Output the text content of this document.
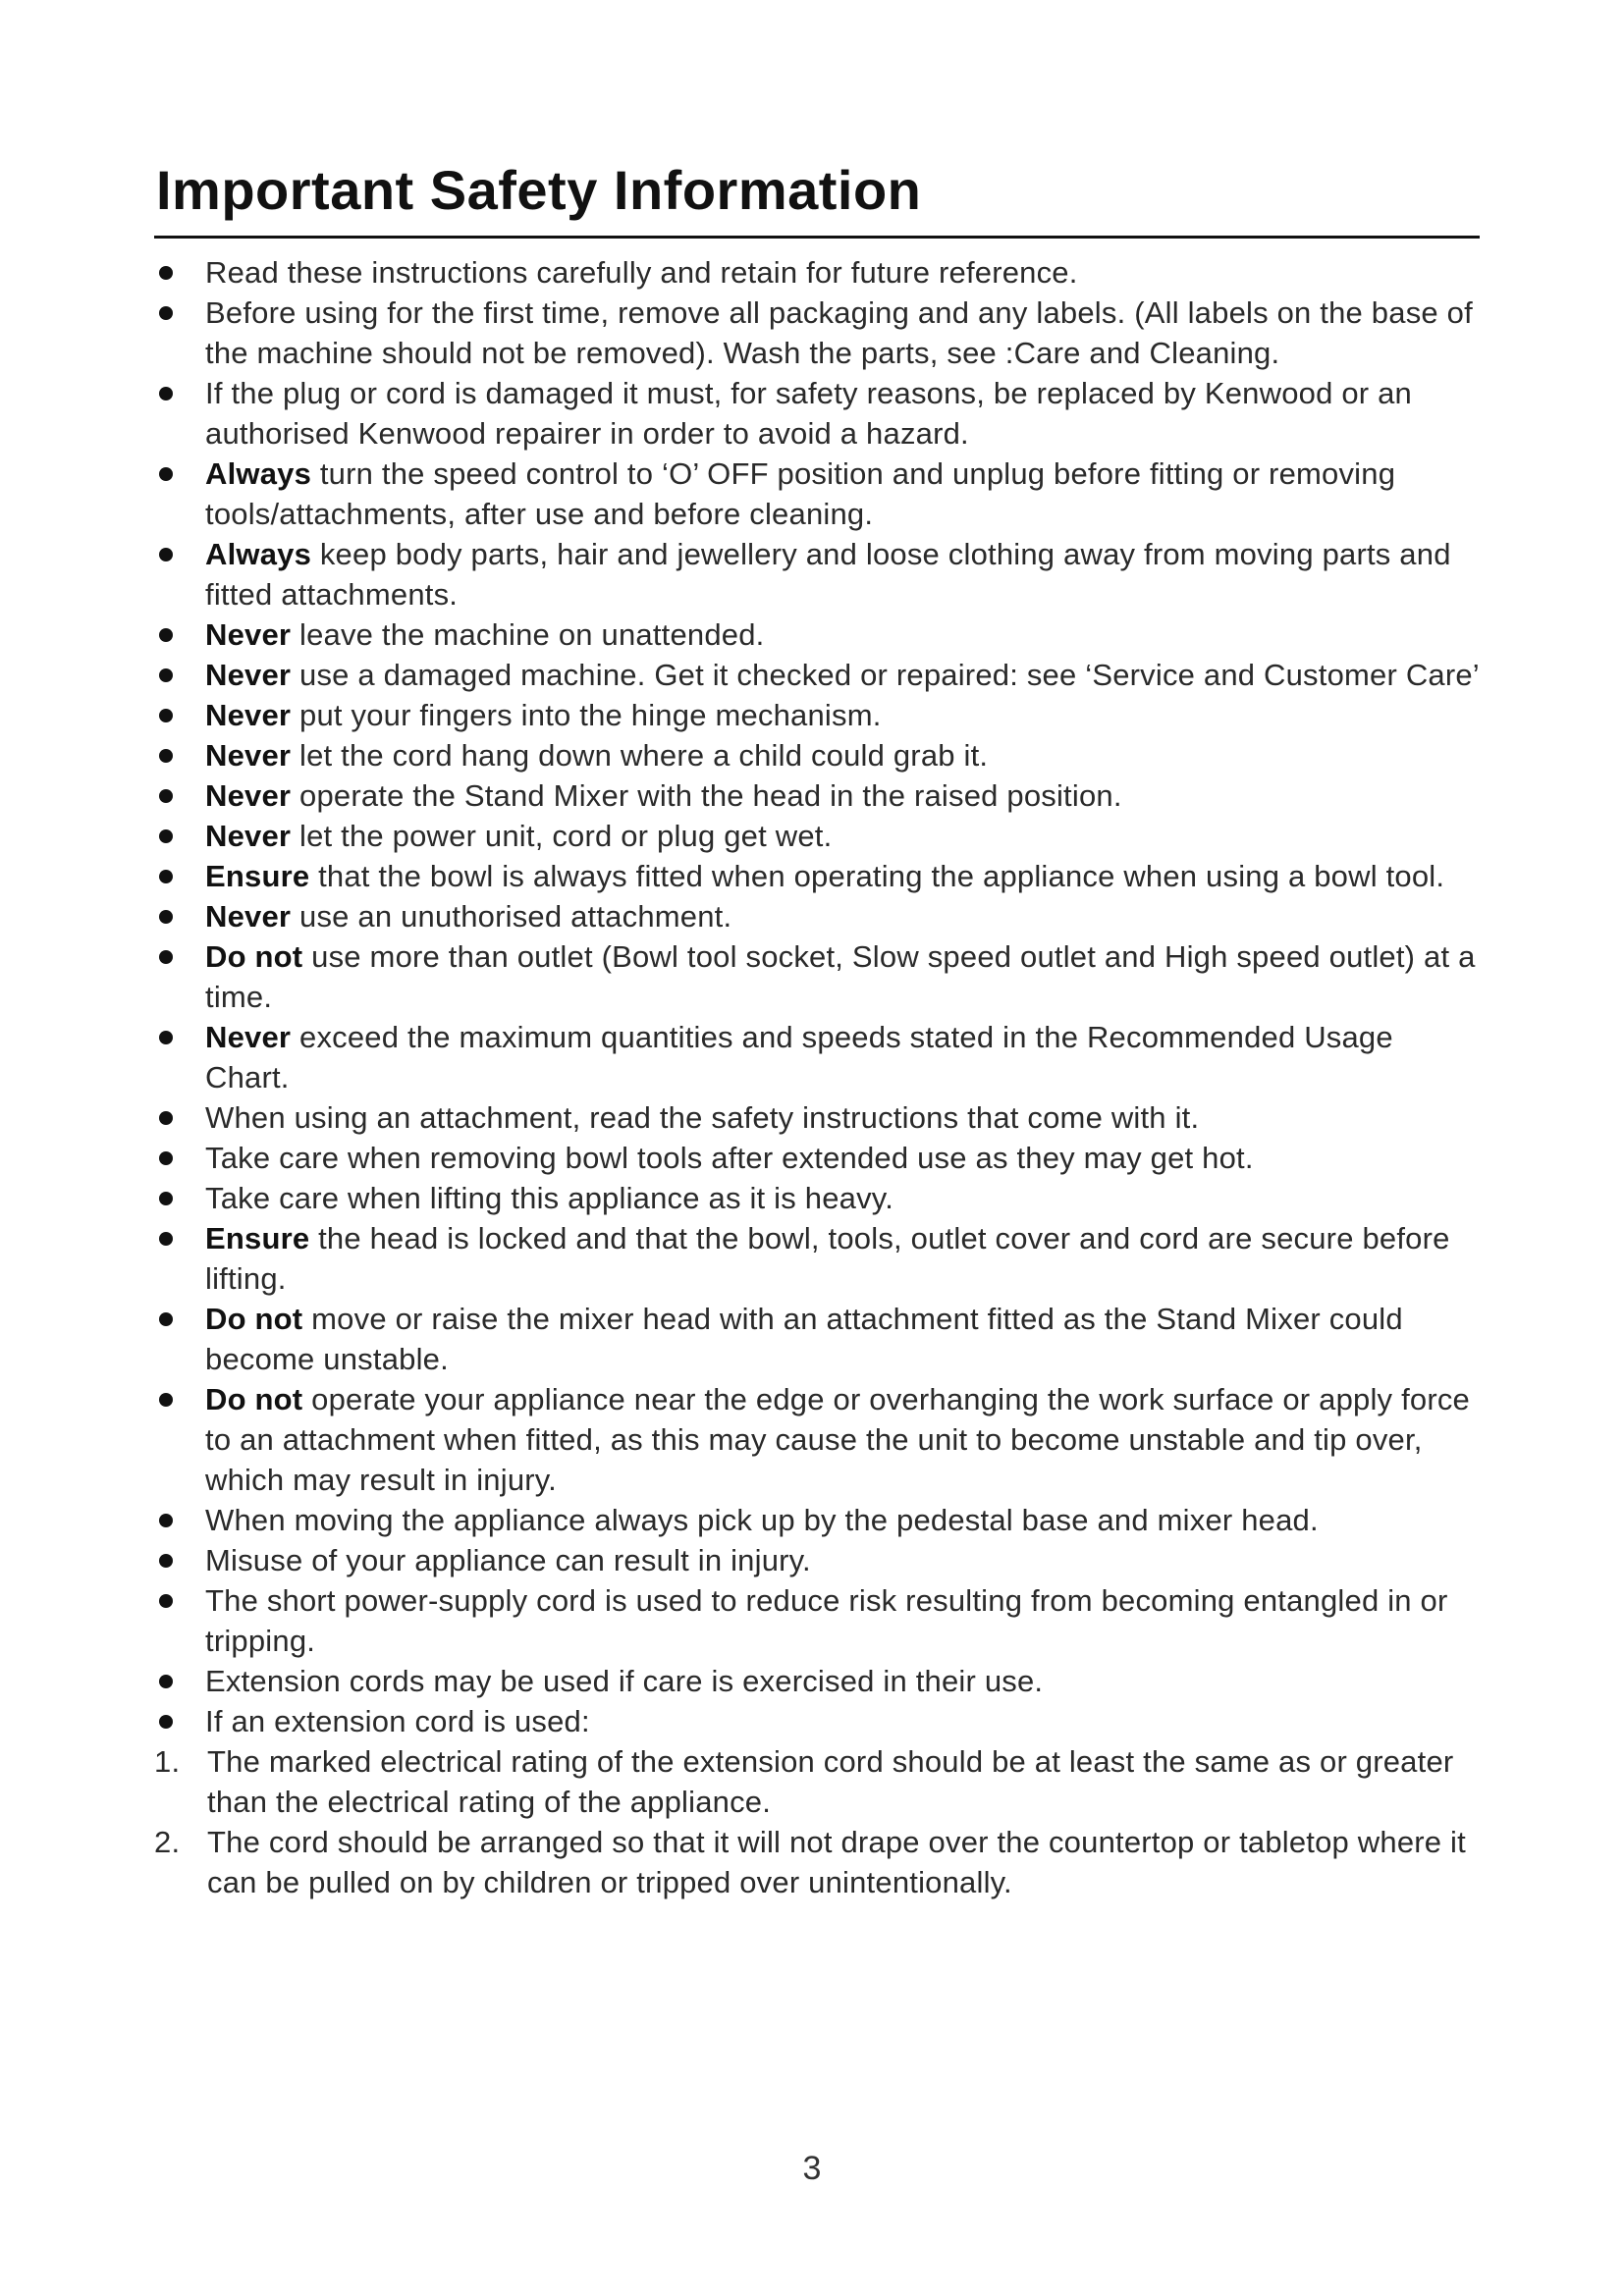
Important Safety Information
Read these instructions carefully and retain for future reference.
Before using for the first time, remove all packaging and any labels. (All labels on the base of the machine should not be removed). Wash the parts, see :Care and Cleaning.
If the plug or cord is damaged it must, for safety reasons, be replaced by Kenwood or an authorised Kenwood repairer in order to avoid a hazard.
Always turn the speed control to ‘O’ OFF position and unplug before fitting or removing tools/attachments, after use and before cleaning.
Always keep body parts, hair and jewellery and loose clothing away from moving parts and fitted attachments.
Never leave the machine on unattended.
Never use a damaged machine. Get it checked or repaired: see ‘Service and Customer Care’
Never put your fingers into the hinge mechanism.
Never let the cord hang down where a child could grab it.
Never operate the Stand Mixer with the head in the raised position.
Never let the power unit, cord or plug get wet.
Ensure that the bowl is always fitted when operating the appliance when using a bowl tool.
Never use an unuthorised attachment.
Do not use more than outlet (Bowl tool socket, Slow speed outlet and High speed outlet) at a time.
Never exceed the maximum quantities and speeds stated in the Recommended Usage Chart.
When using an attachment, read the safety instructions that come with it.
Take care when removing bowl tools after extended use as they may get hot.
Take care when lifting this appliance as it is heavy.
Ensure the head is locked and that the bowl, tools, outlet cover and cord are secure before lifting.
Do not move or raise the mixer head with an attachment fitted as the Stand Mixer could become unstable.
Do not operate your appliance near the edge or overhanging the work surface or apply force to an attachment when fitted, as this may cause the unit to become unstable and tip over, which may result in injury.
When moving the appliance always pick up by the pedestal base and mixer head.
Misuse of your appliance can result in injury.
The short power-supply cord is used to reduce risk resulting from becoming entangled in or tripping.
Extension cords may be used if care is exercised in their use.
If an extension cord is used:
1. The marked electrical rating of the extension cord should be at least the same as or greater than the electrical rating of the appliance.
2. The cord should be arranged so that it will not drape over the countertop or tabletop where it can be pulled on by children or tripped over unintentionally.
3
